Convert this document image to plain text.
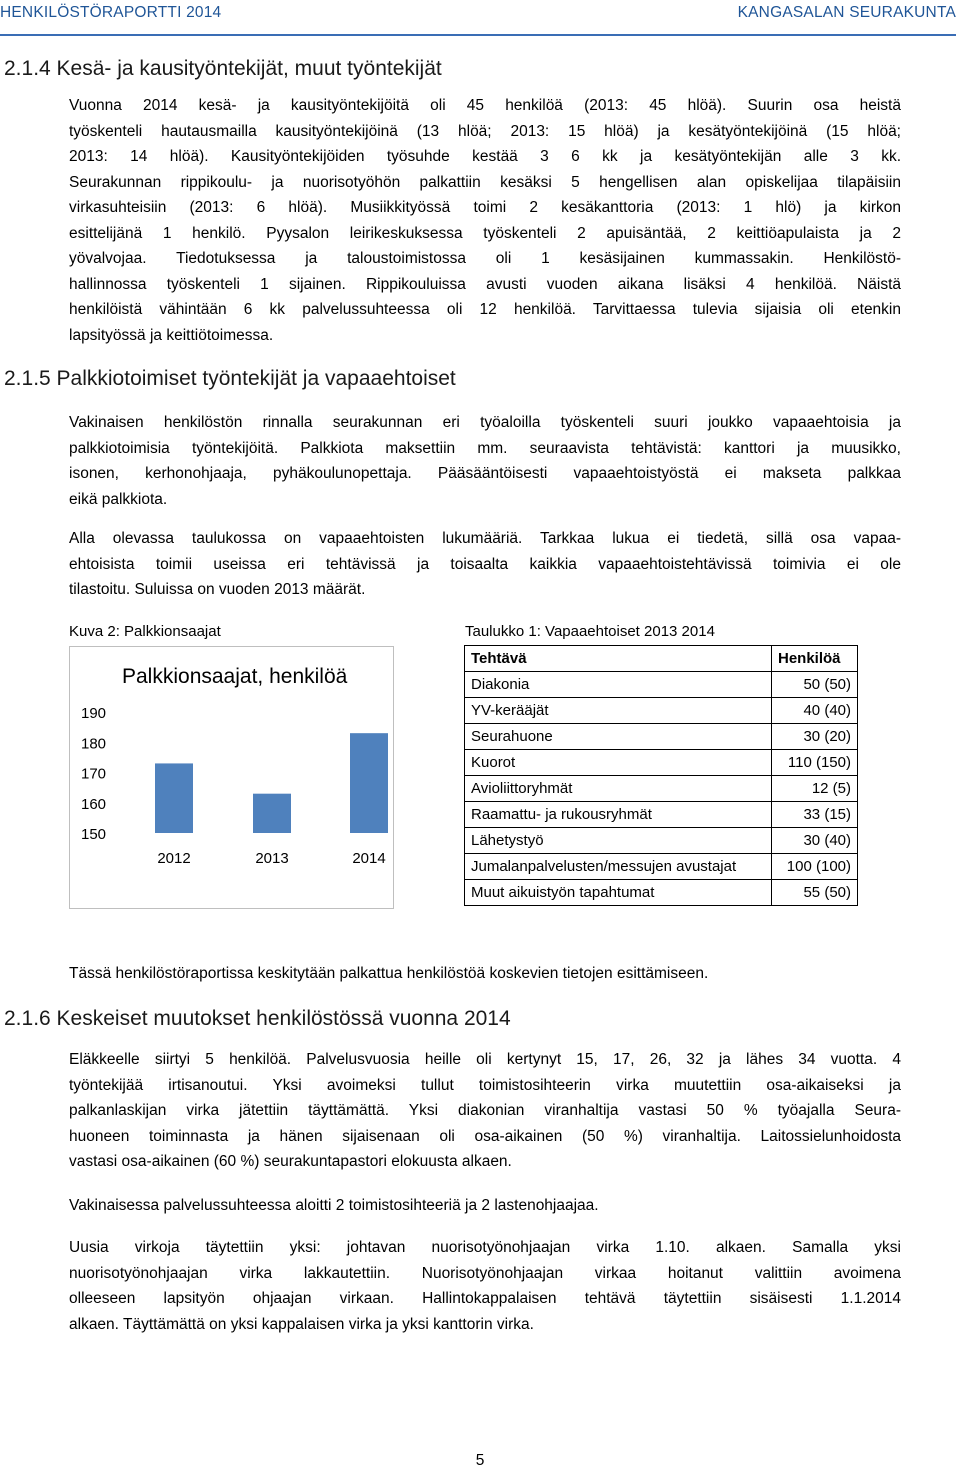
HENKILÖSTÖRAPORTTI 2014	KANGASALAN SEURAKUNTA
2.1.4 Kesä- ja kausityöntekijät, muut työntekijät
Vuonna 2014 kesä- ja kausityöntekijöitä oli 45 henkilöä (2013: 45 hlöä). Suurin osa heistä
työskenteli hautausmailla kausityöntekijöinä (13 hlöä; 2013: 15 hlöä) ja kesätyöntekijöinä (15 hlöä;
2013: 14 hlöä). Kausityöntekijöiden työsuhde kestää 3 6 kk ja kesätyöntekijän alle 3 kk.
Seurakunnan rippikoulu- ja nuorisotyöhön palkattiin kesäksi 5 hengellisen alan opiskelijaa tilapäisiin
virkasuhteisiin (2013: 6 hlöä). Musiikkityössä toimi 2 kesäkanttoria (2013: 1 hlö) ja kirkon
esittelijänä 1 henkilö. Pyysalon leirikeskuksessa työskenteli 2 apuisäntää, 2 keittiöapulaista ja 2
yövalvojaa. Tiedotuksessa ja taloustoimistossa oli 1 kesäsijainen kummassakin. Henkilöstö-
hallinnossa työskenteli 1 sijainen. Rippikouluissa avusti vuoden aikana lisäksi 4 henkilöä. Näistä
henkilöistä vähintään 6 kk palvelussuhteessa oli 12 henkilöä. Tarvittaessa tulevia sijaisia oli etenkin
lapsityössä ja keittiötoimessa.
2.1.5 Palkkiotoimiset työntekijät ja vapaaehtoiset
Vakinaisen henkilöstön rinnalla seurakunnan eri työaloilla työskenteli suuri joukko vapaaehtoisia ja
palkkiotoimisia työntekijöitä. Palkkiota maksettiin mm. seuraavista tehtävistä: kanttori ja muusikko,
isonen, kerhonohjaaja, pyhäkoulunopettaja. Pääsääntöisesti vapaaehtoistyöstä ei makseta palkkaa
eikä palkkiota.
Alla olevassa taulukossa on vapaaehtoisten lukumääriä. Tarkkaa lukua ei tiedetä, sillä osa vapaa-
ehtoisista toimii useissa eri tehtävissä ja toisaalta kaikkia vapaaehtoistehtävissä toimivia ei ole
tilastoitu. Suluissa on vuoden 2013 määrät.
Kuva 2: Palkkionsaajat	Taulukko 1: Vapaaehtoiset 2013 2014
Palkkionsaajat, henkilöä
150
160
170
180
190
2012	2013	2014
Tehtävä	Henkilöä
Diakonia	50 (50)
YV-kerääjät	40 (40)
Seurahuone	30 (20)
Kuorot	110 (150)
Avioliittoryhmät	12 (5)
Raamattu- ja rukousryhmät	33 (15)
Lähetystyö	30 (40)
Jumalanpalvelusten/messujen avustajat	100 (100)
Muut aikuistyön tapahtumat	55 (50)
Tässä henkilöstöraportissa keskitytään palkattua henkilöstöä koskevien tietojen esittämiseen.
2.1.6 Keskeiset muutokset henkilöstössä vuonna 2014
Eläkkeelle siirtyi 5 henkilöä. Palvelusvuosia heille oli kertynyt 15, 17, 26, 32 ja lähes 34 vuotta. 4
työntekijää irtisanoutui. Yksi avoimeksi tullut toimistosihteerin virka muutettiin osa-aikaiseksi ja
palkanlaskijan virka jätettiin täyttämättä. Yksi diakonian viranhaltija vastasi 50 % työajalla Seura-
huoneen toiminnasta ja hänen sijaisenaan oli osa-aikainen (50 %) viranhaltija. Laitossielunhoidosta
vastasi osa-aikainen (60 %) seurakuntapastori elokuusta alkaen.
Vakinaisessa palvelussuhteessa aloitti 2 toimistosihteeriä ja 2 lastenohjaajaa.
Uusia virkoja täytettiin yksi: johtavan nuorisotyönohjaajan virka 1.10. alkaen. Samalla yksi
nuorisotyönohjaajan virka lakkautettiin. Nuorisotyönohjaajan virkaa hoitanut valittiin avoimena
olleeseen lapsityön ohjaajan virkaan. Hallintokappalaisen tehtävä täytettiin sisäisesti 1.1.2014
alkaen. Täyttämättä on yksi kappalaisen virka ja yksi kanttorin virka.
5
